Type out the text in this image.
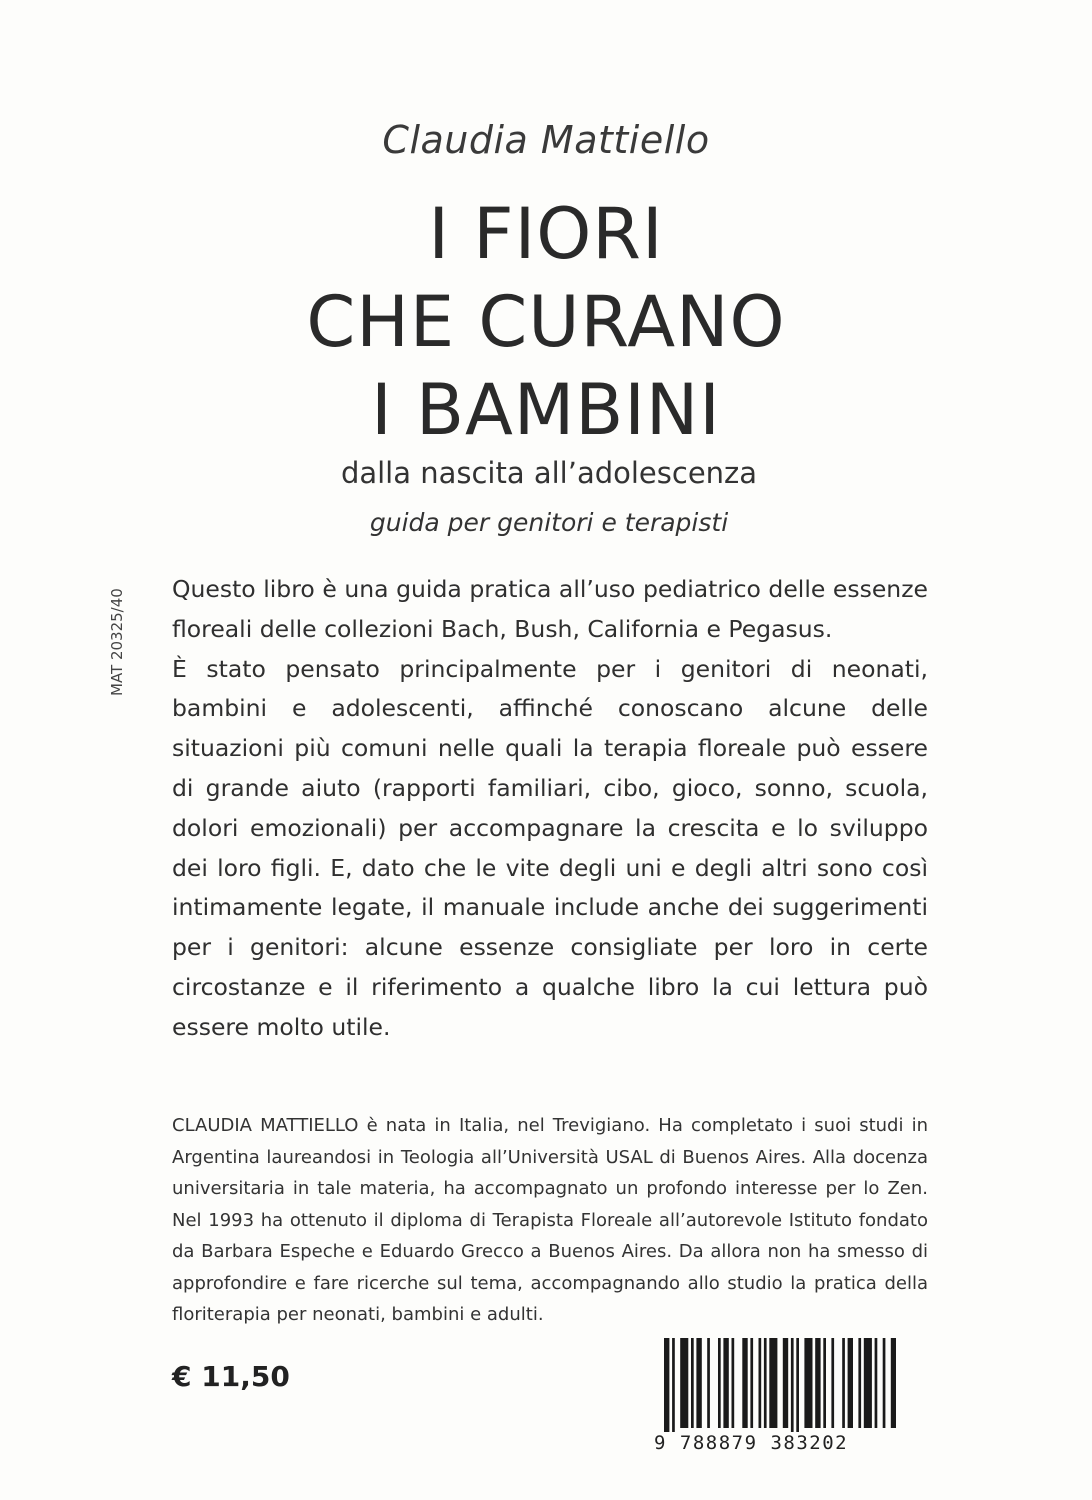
Claudia Mattiello
I FIORI
CHE CURANO
I BAMBINI
dalla nascita all’adolescenza
guida per genitori e terapisti
MAT 20325/40	Questo libro è una guida pratica all’uso pediatrico delle essenze floreali delle collezioni Bach, Bush, California e Pegasus.

È stato pensato principalmente per i genitori di neonati, bambini e adolescenti, affinché conoscano alcune delle situazioni più comuni nelle quali la terapia floreale può essere di grande aiuto (rapporti familiari, cibo, gioco, sonno, scuola, dolori emozionali) per accompagnare la crescita e lo sviluppo dei loro figli. E, dato che le vite degli uni e degli altri sono così intimamente legate, il manuale include anche dei suggerimenti per i genitori: alcune essenze consigliate per loro in certe circostanze e il riferimento a qualche libro la cui lettura può essere molto utile.

CLAUDIA MATTIELLO è nata in Italia, nel Trevigiano. Ha completato i suoi studi in Argentina laureandosi in Teologia all’Università USAL di Buenos Aires. Alla docenza universitaria in tale materia, ha accompagnato un profondo interesse per lo Zen. Nel 1993 ha ottenuto il diploma di Terapista Floreale all’autorevole Istituto fondato da Barbara Espeche e Eduardo Grecco a Buenos Aires. Da allora non ha smesso di approfondire e fare ricerche sul tema, accompagnando allo studio la pratica della floriterapia per neonati, bambini e adulti.
€ 11,50
9 788879 383202
